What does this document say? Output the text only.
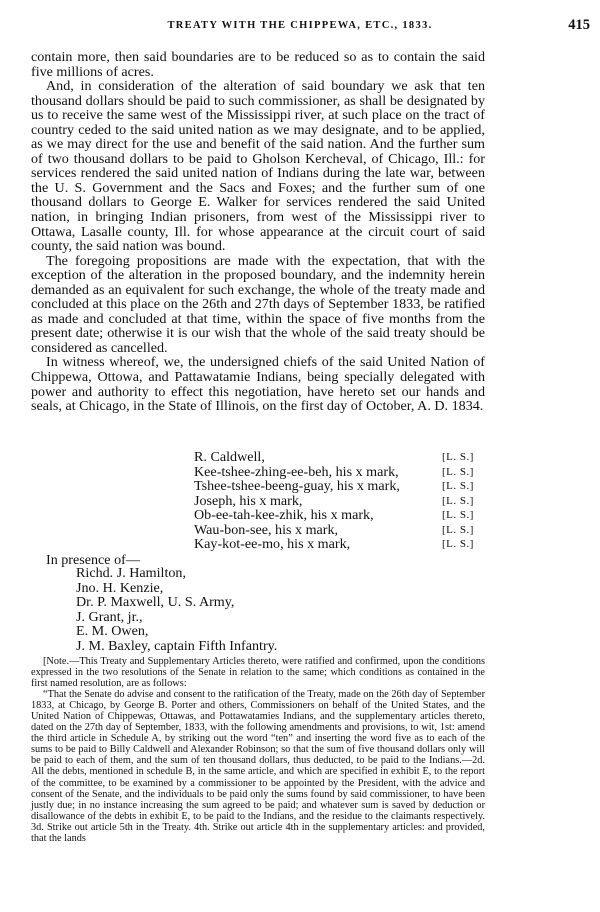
TREATY WITH THE CHIPPEWA, ETC., 1833.	415

contain more, then said boundaries are to be reduced so as to contain the said five millions of acres.

And, in consideration of the alteration of said boundary we ask that ten thousand dollars should be paid to such commissioner, as shall be designated by us to receive the same west of the Mississippi river, at such place on the tract of country ceded to the said united nation as we may designate, and to be applied, as we may direct for the use and benefit of the said nation. And the further sum of two thousand dollars to be paid to Gholson Kercheval, of Chicago, Ill.: for services rendered the said united nation of Indians during the late war, between the U. S. Government and the Sacs and Foxes; and the further sum of one thousand dollars to George E. Walker for services rendered the said United nation, in bringing Indian prisoners, from west of the Mississippi river to Ottawa, Lasalle county, Ill. for whose appearance at the circuit court of said county, the said nation was bound.

The foregoing propositions are made with the expectation, that with the exception of the alteration in the proposed boundary, and the indemnity herein demanded as an equivalent for such exchange, the whole of the treaty made and concluded at this place on the 26th and 27th days of September 1833, be ratified as made and concluded at that time, within the space of five months from the present date; otherwise it is our wish that the whole of the said treaty should be considered as cancelled.

In witness whereof, we, the undersigned chiefs of the said United Nation of Chippewa, Ottowa, and Pattawatamie Indians, being specially delegated with power and authority to effect this negotiation, have hereto set our hands and seals, at Chicago, in the State of Illinois, on the first day of October, A. D. 1834.

R. Caldwell,	[L. S.]
Kee-tshee-zhing-ee-beh, his x mark,	[L. S.]
Tshee-tshee-beeng-guay, his x mark,	[L. S.]
Joseph, his x mark,	[L. S.]
Ob-ee-tah-kee-zhik, his x mark,	[L. S.]
Wau-bon-see, his x mark,	[L. S.]
Kay-kot-ee-mo, his x mark,	[L. S.]
In presence of—
Richd. J. Hamilton,
Jno. H. Kenzie,
Dr. P. Maxwell, U. S. Army,
J. Grant, jr.,
E. M. Owen,
J. M. Baxley, captain Fifth Infantry.

[Note.—This Treaty and Supplementary Articles thereto, were ratified and confirmed, upon the conditions expressed in the two resolutions of the Senate in relation to the same; which conditions as contained in the first named resolution, are as follows:

“That the Senate do advise and consent to the ratification of the Treaty, made on the 26th day of September 1833, at Chicago, by George B. Porter and others, Commissioners on behalf of the United States, and the United Nation of Chippewas, Ottawas, and Pottawatamies Indians, and the supplementary articles thereto, dated on the 27th day of September, 1833, with the following amendments and provisions, to wit, 1st: amend the third article in Schedule A, by striking out the word “ten” and inserting the word five as to each of the sums to be paid to Billy Caldwell and Alexander Robinson; so that the sum of five thousand dollars only will be paid to each of them, and the sum of ten thousand dollars, thus deducted, to be paid to the Indians.—2d. All the debts, mentioned in schedule B, in the same article, and which are specified in exhibit E, to the report of the committee, to be examined by a commissioner to be appointed by the President, with the advice and consent of the Senate, and the individuals to be paid only the sums found by said commissioner, to have been justly due; in no instance increasing the sum agreed to be paid; and whatever sum is saved by deduction or disallowance of the debts in exhibit E, to be paid to the Indians, and the residue to the claimants respectively. 3d. Strike out article 5th in the Treaty. 4th. Strike out article 4th in the supplementary articles: and provided, that the lands
